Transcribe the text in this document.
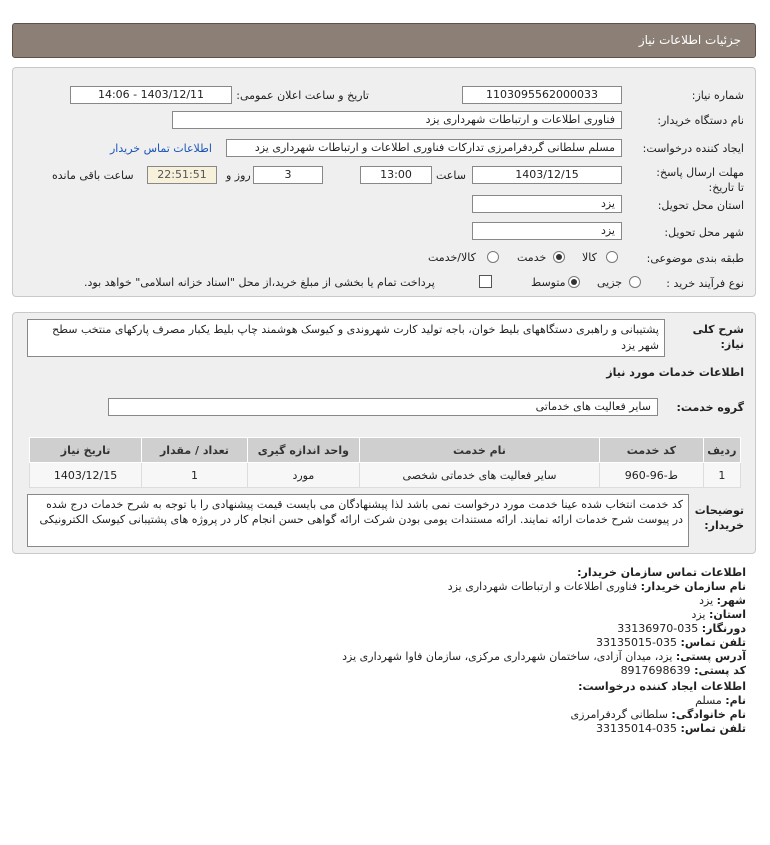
جزئیات اطلاعات نیاز
شماره نیاز:
1103095562000033
تاریخ و ساعت اعلان عمومی:
1403/12/11 - 14:06
نام دستگاه خریدار:
فناوری اطلاعات و ارتباطات شهرداری یزد
ایجاد کننده درخواست:
مسلم سلطانی گردفرامرزی تدارکات فناوری اطلاعات و ارتباطات شهرداری یزد
اطلاعات تماس خریدار
مهلت ارسال پاسخ: تا تاریخ:
1403/12/15
ساعت
13:00
3
روز و
22:51:51
ساعت باقی مانده
استان محل تحویل:
یزد
شهر محل تحویل:
یزد
طبقه بندی موضوعی:
کالا
خدمت
کالا/خدمت
نوع فرآیند خرید :
جزیی
متوسط
پرداخت تمام یا بخشی از مبلغ خرید،از محل "اسناد خزانه اسلامی" خواهد بود.
شرح کلی نیاز:
پشتیبانی و راهبری دستگاههای بلیط خوان، باجه تولید کارت شهروندی و کیوسک هوشمند چاپ بلیط یکبار مصرف پارکهای منتخب سطح شهر یزد
اطلاعات خدمات مورد نیاز
گروه خدمت:
سایر فعالیت های خدماتی
ردیف	کد خدمت	نام خدمت	واحد اندازه گیری	تعداد / مقدار	تاریخ نیاز
1	ط-96-960	سایر فعالیت های خدماتی شخصی	مورد	1	1403/12/15
توضیحات خریدار:
کد خدمت انتخاب شده عینا خدمت مورد درخواست نمی باشد لذا پیشنهادگان می بایست قیمت پیشنهادی را با توجه به شرح خدمات درج شده در پیوست شرح خدمات ارائه نمایند. ارائه مستندات یومی بودن شرکت ارائه گواهی حسن انجام کار در پروژه های پشتیبانی کیوسک الکترونیکی
اطلاعات تماس سازمان خریدار:
نام سازمان خریدار: فناوری اطلاعات و ارتباطات شهرداری یزد
شهر: یزد
استان: یزد
دورنگار: 035-33136970
تلفن تماس: 035-33135015
آدرس پستی: یزد، میدان آزادی، ساختمان شهرداری مرکزی، سازمان فاوا شهرداری یزد
کد پستی: 8917698639
اطلاعات ایجاد کننده درخواست:
نام: مسلم
نام خانوادگی: سلطانی گردفرامرزی
تلفن تماس: 035-33135014
